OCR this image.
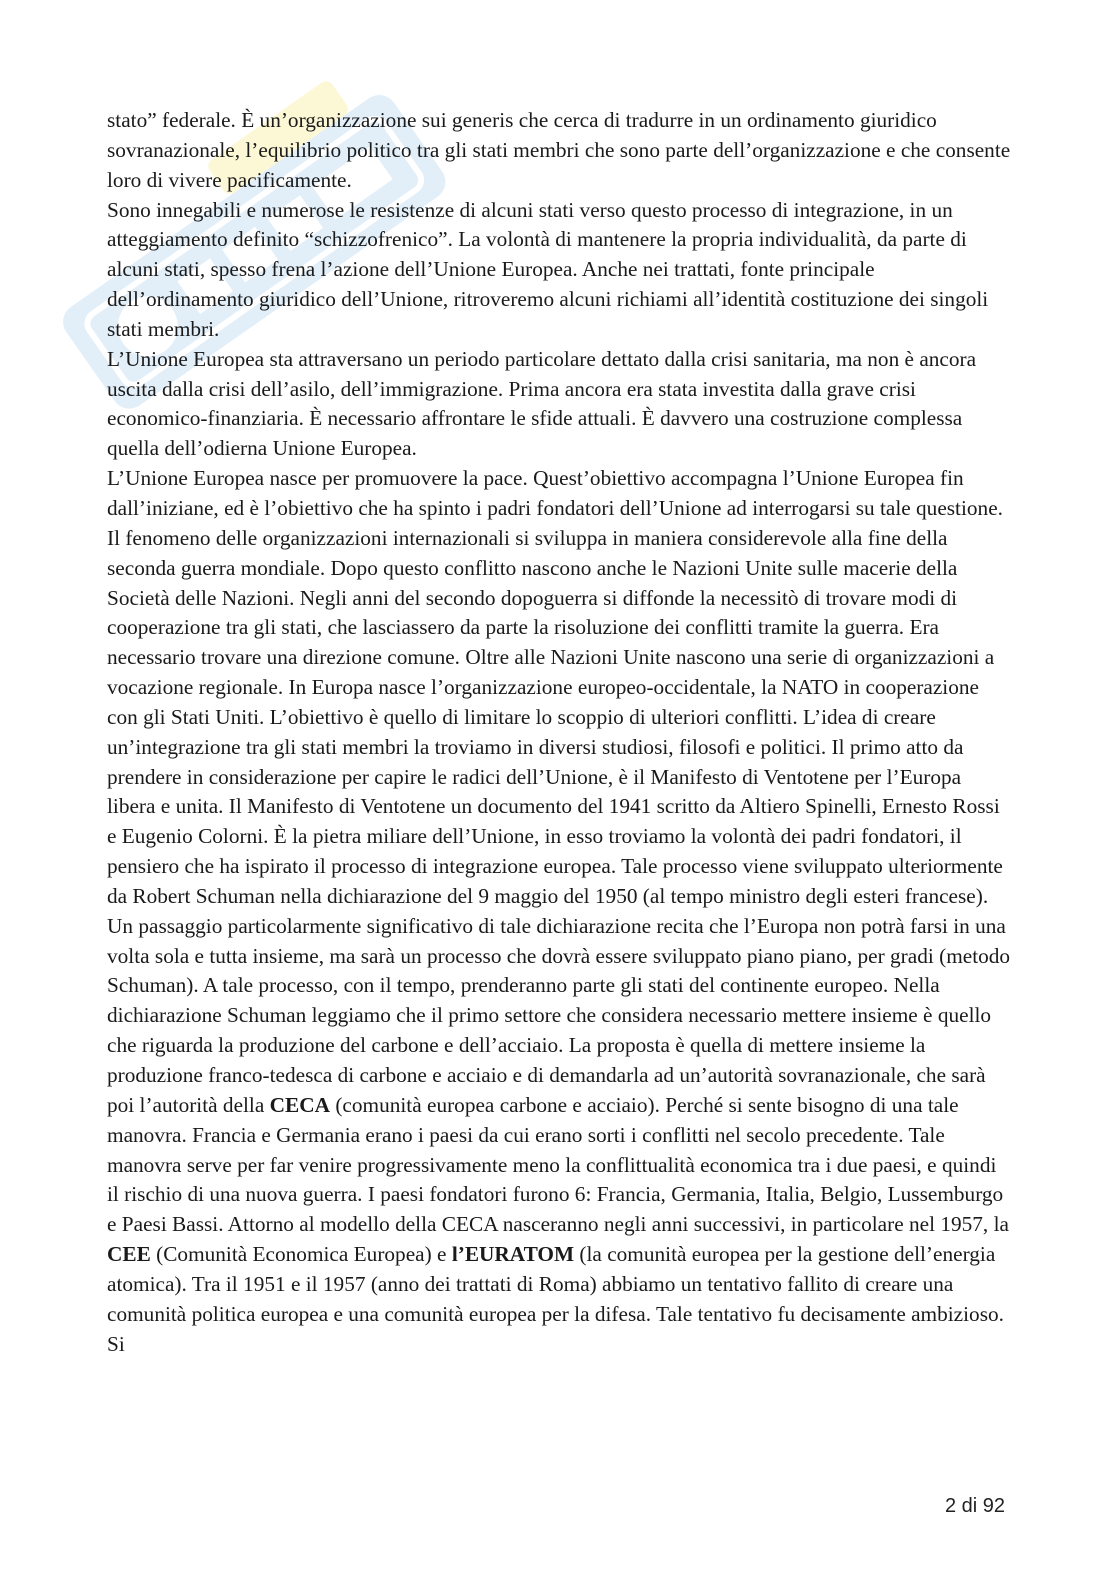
stato” federale. È un’organizzazione sui generis che cerca di tradurre in un ordinamento giuridico sovranazionale, l’equilibrio politico tra gli stati membri che sono parte dell’organizzazione e che consente loro di vivere pacificamente.

Sono innegabili e numerose le resistenze di alcuni stati verso questo processo di integrazione, in un atteggiamento definito “schizzofrenico”. La volontà di mantenere la propria individualità, da parte di alcuni stati, spesso frena l’azione dell’Unione Europea. Anche nei trattati, fonte principale dell’ordinamento giuridico dell’Unione, ritroveremo alcuni richiami all’identità costituzione dei singoli stati membri.

L’Unione Europea sta attraversano un periodo particolare dettato dalla crisi sanitaria, ma non è ancora uscita dalla crisi dell’asilo, dell’immigrazione. Prima ancora era stata investita dalla grave crisi economico-finanziaria. È necessario affrontare le sfide attuali. È davvero una costruzione complessa quella dell’odierna Unione Europea.

L’Unione Europea nasce per promuovere la pace. Quest’obiettivo accompagna l’Unione Europea fin dall’iniziane, ed è l’obiettivo che ha spinto i padri fondatori dell’Unione ad interrogarsi su tale questione. Il fenomeno delle organizzazioni internazionali si sviluppa in maniera considerevole alla fine della seconda guerra mondiale. Dopo questo conflitto nascono anche le Nazioni Unite sulle macerie della Società delle Nazioni. Negli anni del secondo dopoguerra si diffonde la necessitò di trovare modi di cooperazione tra gli stati, che lasciassero da parte la risoluzione dei conflitti tramite la guerra. Era necessario trovare una direzione comune. Oltre alle Nazioni Unite nascono una serie di organizzazioni a vocazione regionale. In Europa nasce l’organizzazione europeo-occidentale, la NATO in cooperazione con gli Stati Uniti. L’obiettivo è quello di limitare lo scoppio di ulteriori conflitti. L’idea di creare un’integrazione tra gli stati membri la troviamo in diversi studiosi, filosofi e politici. Il primo atto da prendere in considerazione per capire le radici dell’Unione, è il Manifesto di Ventotene per l’Europa libera e unita. Il Manifesto di Ventotene un documento del 1941 scritto da Altiero Spinelli, Ernesto Rossi e Eugenio Colorni. È la pietra miliare dell’Unione, in esso troviamo la volontà dei padri fondatori, il pensiero che ha ispirato il processo di integrazione europea. Tale processo viene sviluppato ulteriormente da Robert Schuman nella dichiarazione del 9 maggio del 1950 (al tempo ministro degli esteri francese). Un passaggio particolarmente significativo di tale dichiarazione recita che l’Europa non potrà farsi in una volta sola e tutta insieme, ma sarà un processo che dovrà essere sviluppato piano piano, per gradi (metodo Schuman). A tale processo, con il tempo, prenderanno parte gli stati del continente europeo. Nella dichiarazione Schuman leggiamo che il primo settore che considera necessario mettere insieme è quello che riguarda la produzione del carbone e dell’acciaio. La proposta è quella di mettere insieme la produzione franco-tedesca di carbone e acciaio e di demandarla ad un’autorità sovranazionale, che sarà poi l’autorità della CECA (comunità europea carbone e acciaio). Perché si sente bisogno di una tale manovra. Francia e Germania erano i paesi da cui erano sorti i conflitti nel secolo precedente. Tale manovra serve per far venire progressivamente meno la conflittualità economica tra i due paesi, e quindi il rischio di una nuova guerra. I paesi fondatori furono 6: Francia, Germania, Italia, Belgio, Lussemburgo e Paesi Bassi. Attorno al modello della CECA nasceranno negli anni successivi, in particolare nel 1957, la CEE (Comunità Economica Europea) e l’EURATOM (la comunità europea per la gestione dell’energia atomica). Tra il 1951 e il 1957 (anno dei trattati di Roma) abbiamo un tentativo fallito di creare una comunità politica europea e una comunità europea per la difesa. Tale tentativo fu decisamente ambizioso. Si

2 di 92
